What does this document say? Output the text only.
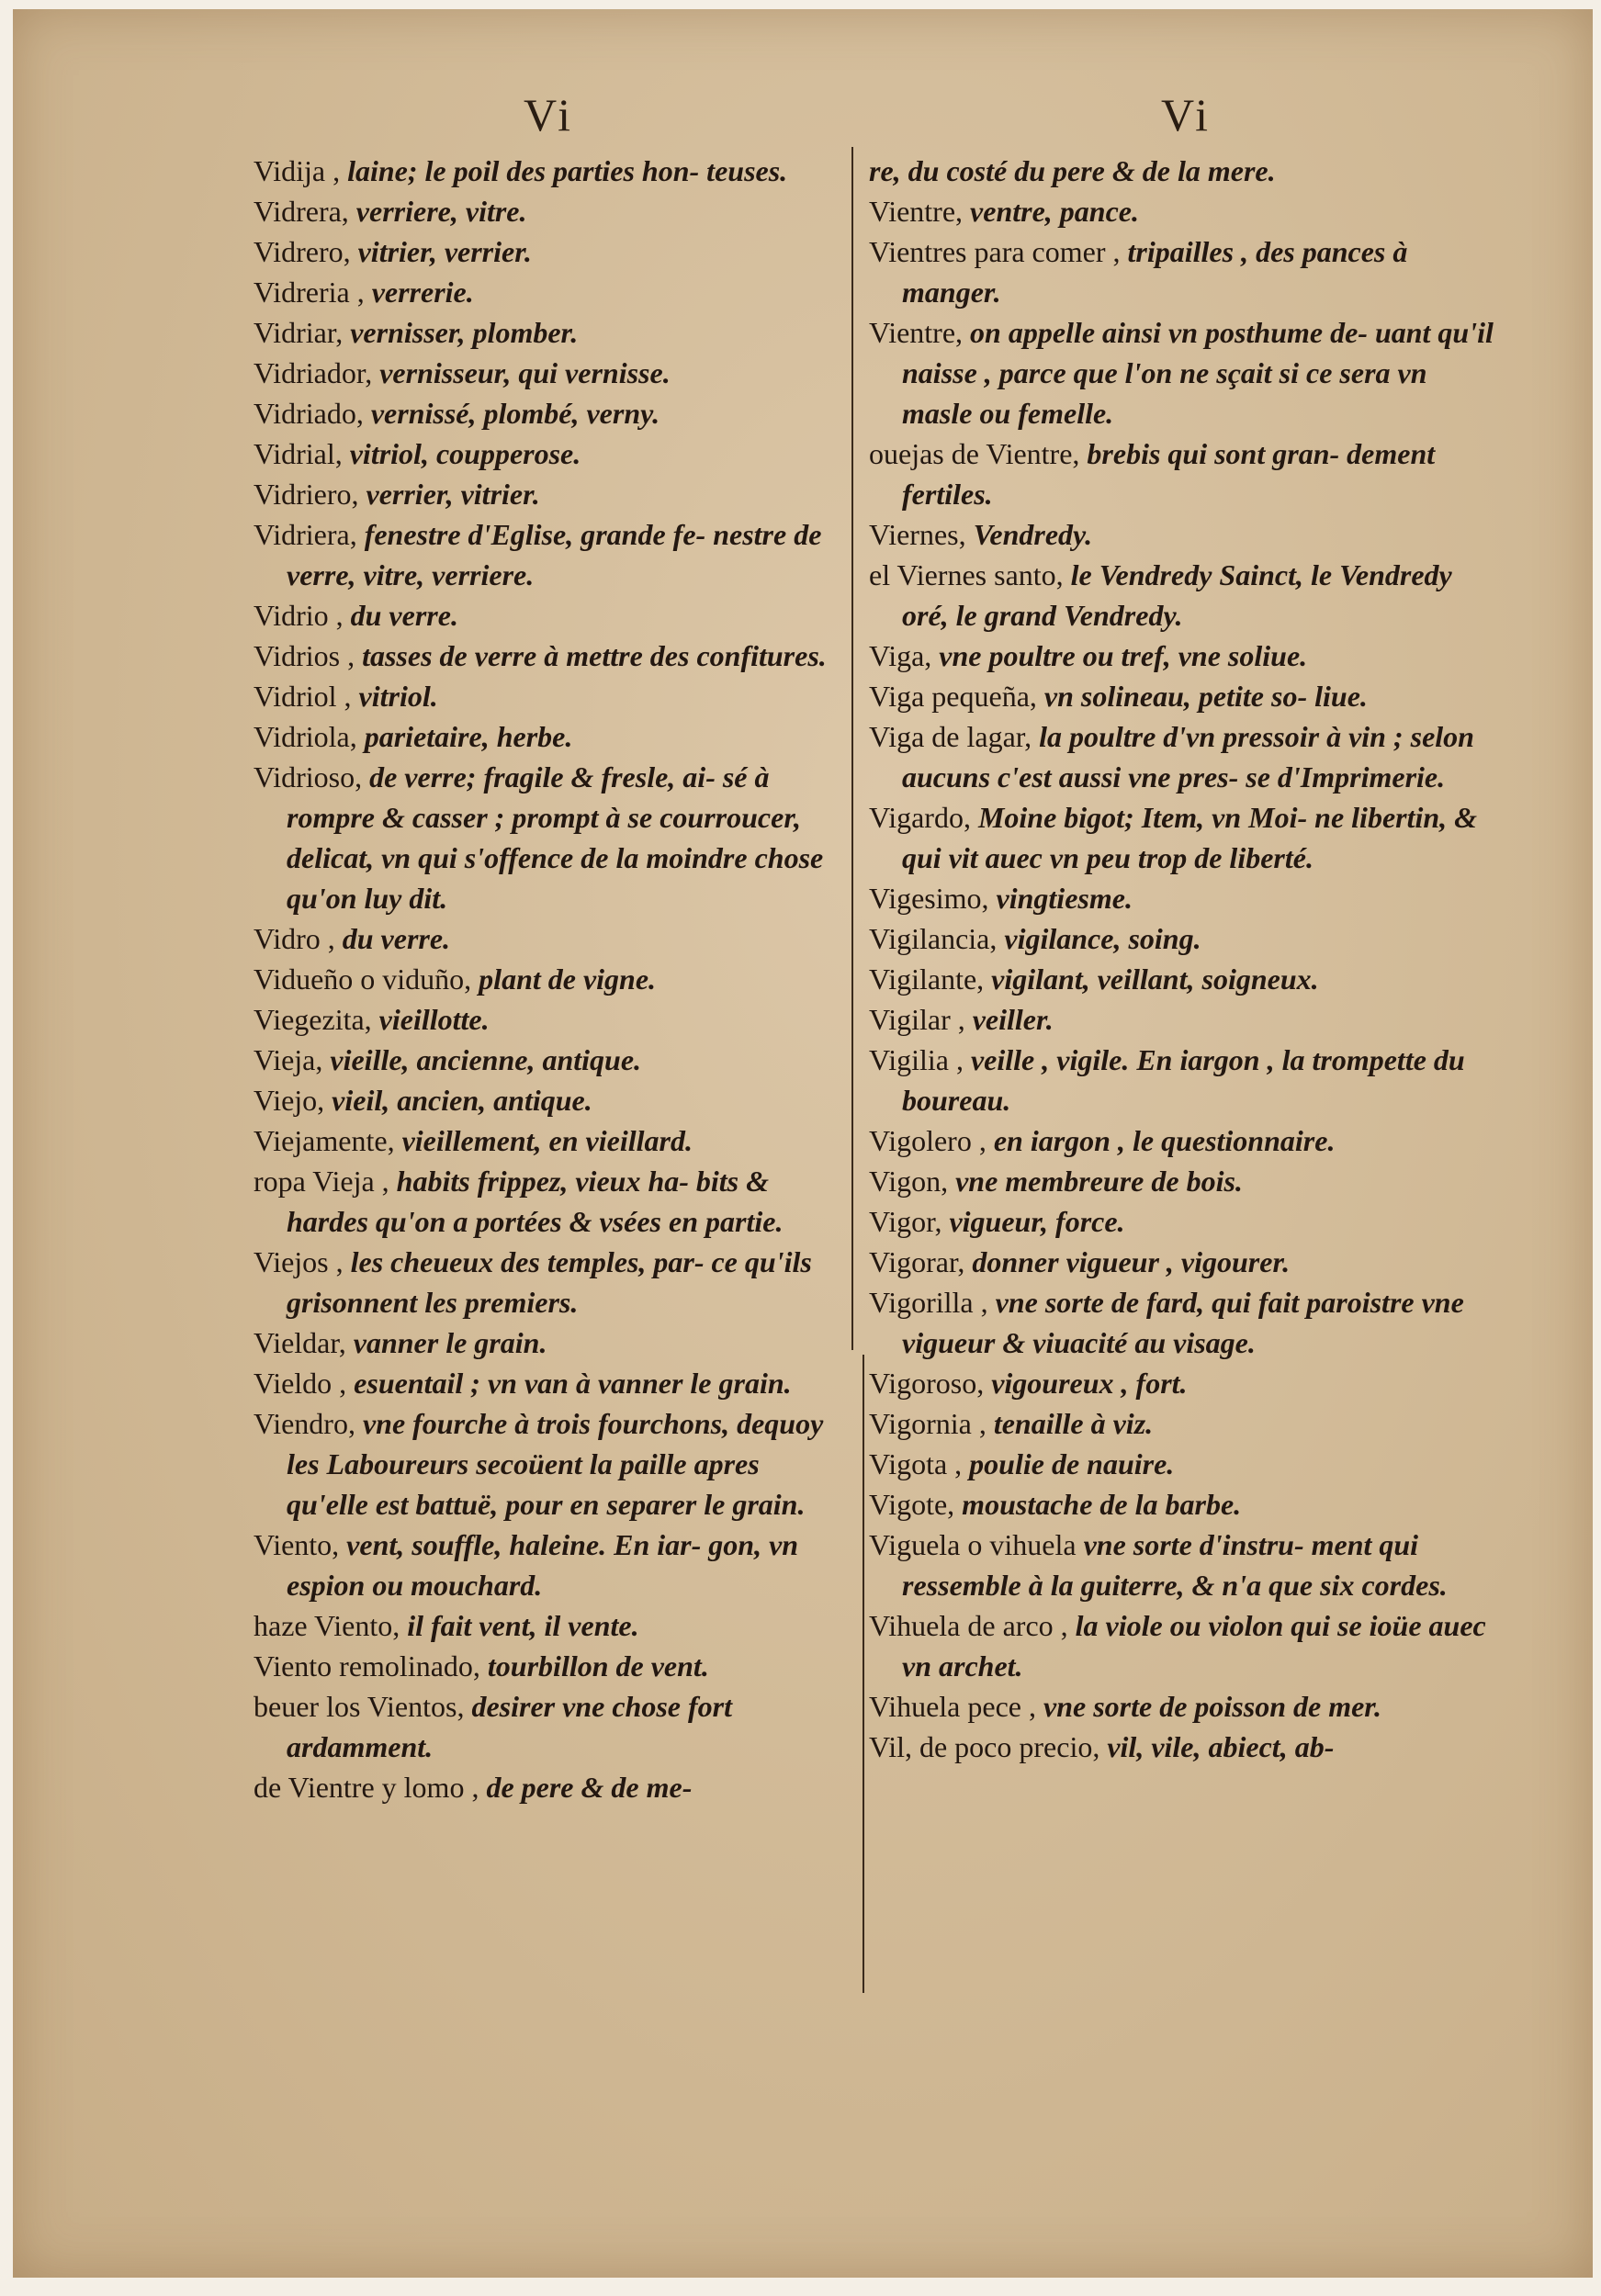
Vi	Vi
Vidija , laine; le poil des parties hon- teuses.
Vidrera, verriere, vitre.
Vidrero, vitrier, verrier.
Vidreria , verrerie.
Vidriar, vernisser, plomber.
Vidriador, vernisseur, qui vernisse.
Vidriado, vernissé, plombé, verny.
Vidrial, vitriol, coupperose.
Vidriero, verrier, vitrier.
Vidriera, fenestre d'Eglise, grande fe- nestre de verre, vitre, verriere.
Vidrio , du verre.
Vidrios , tasses de verre à mettre des confitures.
Vidriol , vitriol.
Vidriola, parietaire, herbe.
Vidrioso, de verre; fragile & fresle, ai- sé à rompre & casser ; prompt à se courroucer, delicat, vn qui s'offence de la moindre chose qu'on luy dit.
Vidro , du verre.
Vidueño o viduño, plant de vigne.
Viegezita, vieillotte.
Vieja, vieille, ancienne, antique.
Viejo, vieil, ancien, antique.
Viejamente, vieillement, en vieillard.
ropa Vieja , habits frippez, vieux ha- bits & hardes qu'on a portées & vsées en partie.
Viejos , les cheueux des temples, par- ce qu'ils grisonnent les premiers.
Vieldar, vanner le grain.
Vieldo , esuentail ; vn van à vanner le grain.
Viendro, vne fourche à trois fourchons, dequoy les Laboureurs secoüent la paille apres qu'elle est battuë, pour en separer le grain.
Viento, vent, souffle, haleine. En iar- gon, vn espion ou mouchard.
haze Viento, il fait vent, il vente.
Viento remolinado, tourbillon de vent.
beuer los Vientos, desirer vne chose fort ardamment.
de Vientre y lomo , de pere & de me-
re, du costé du pere & de la mere.
Vientre, ventre, pance.
Vientres para comer , tripailles , des pances à manger.
Vientre, on appelle ainsi vn posthume de- uant qu'il naisse , parce que l'on ne sçait si ce sera vn masle ou femelle.
ouejas de Vientre, brebis qui sont gran- dement fertiles.
Viernes, Vendredy.
el Viernes santo, le Vendredy Sainct, le Vendredy oré, le grand Vendredy.
Viga, vne poultre ou tref, vne soliue.
Viga pequeña, vn solineau, petite so- liue.
Viga de lagar, la poultre d'vn pressoir à vin ; selon aucuns c'est aussi vne pres- se d'Imprimerie.
Vigardo, Moine bigot; Item, vn Moi- ne libertin, & qui vit auec vn peu trop de liberté.
Vigesimo, vingtiesme.
Vigilancia, vigilance, soing.
Vigilante, vigilant, veillant, soigneux.
Vigilar , veiller.
Vigilia , veille , vigile. En iargon , la trompette du boureau.
Vigolero , en iargon , le questionnaire.
Vigon, vne membreure de bois.
Vigor, vigueur, force.
Vigorar, donner vigueur , vigourer.
Vigorilla , vne sorte de fard, qui fait paroistre vne vigueur & viuacité au visage.
Vigoroso, vigoureux , fort.
Vigornia , tenaille à viz.
Vigota , poulie de nauire.
Vigote, moustache de la barbe.
Viguela o vihuela vne sorte d'instru- ment qui ressemble à la guiterre, & n'a que six cordes.
Vihuela de arco , la viole ou violon qui se ioüe auec vn archet.
Vihuela pece , vne sorte de poisson de mer.
Vil, de poco precio, vil, vile, abiect, ab-
